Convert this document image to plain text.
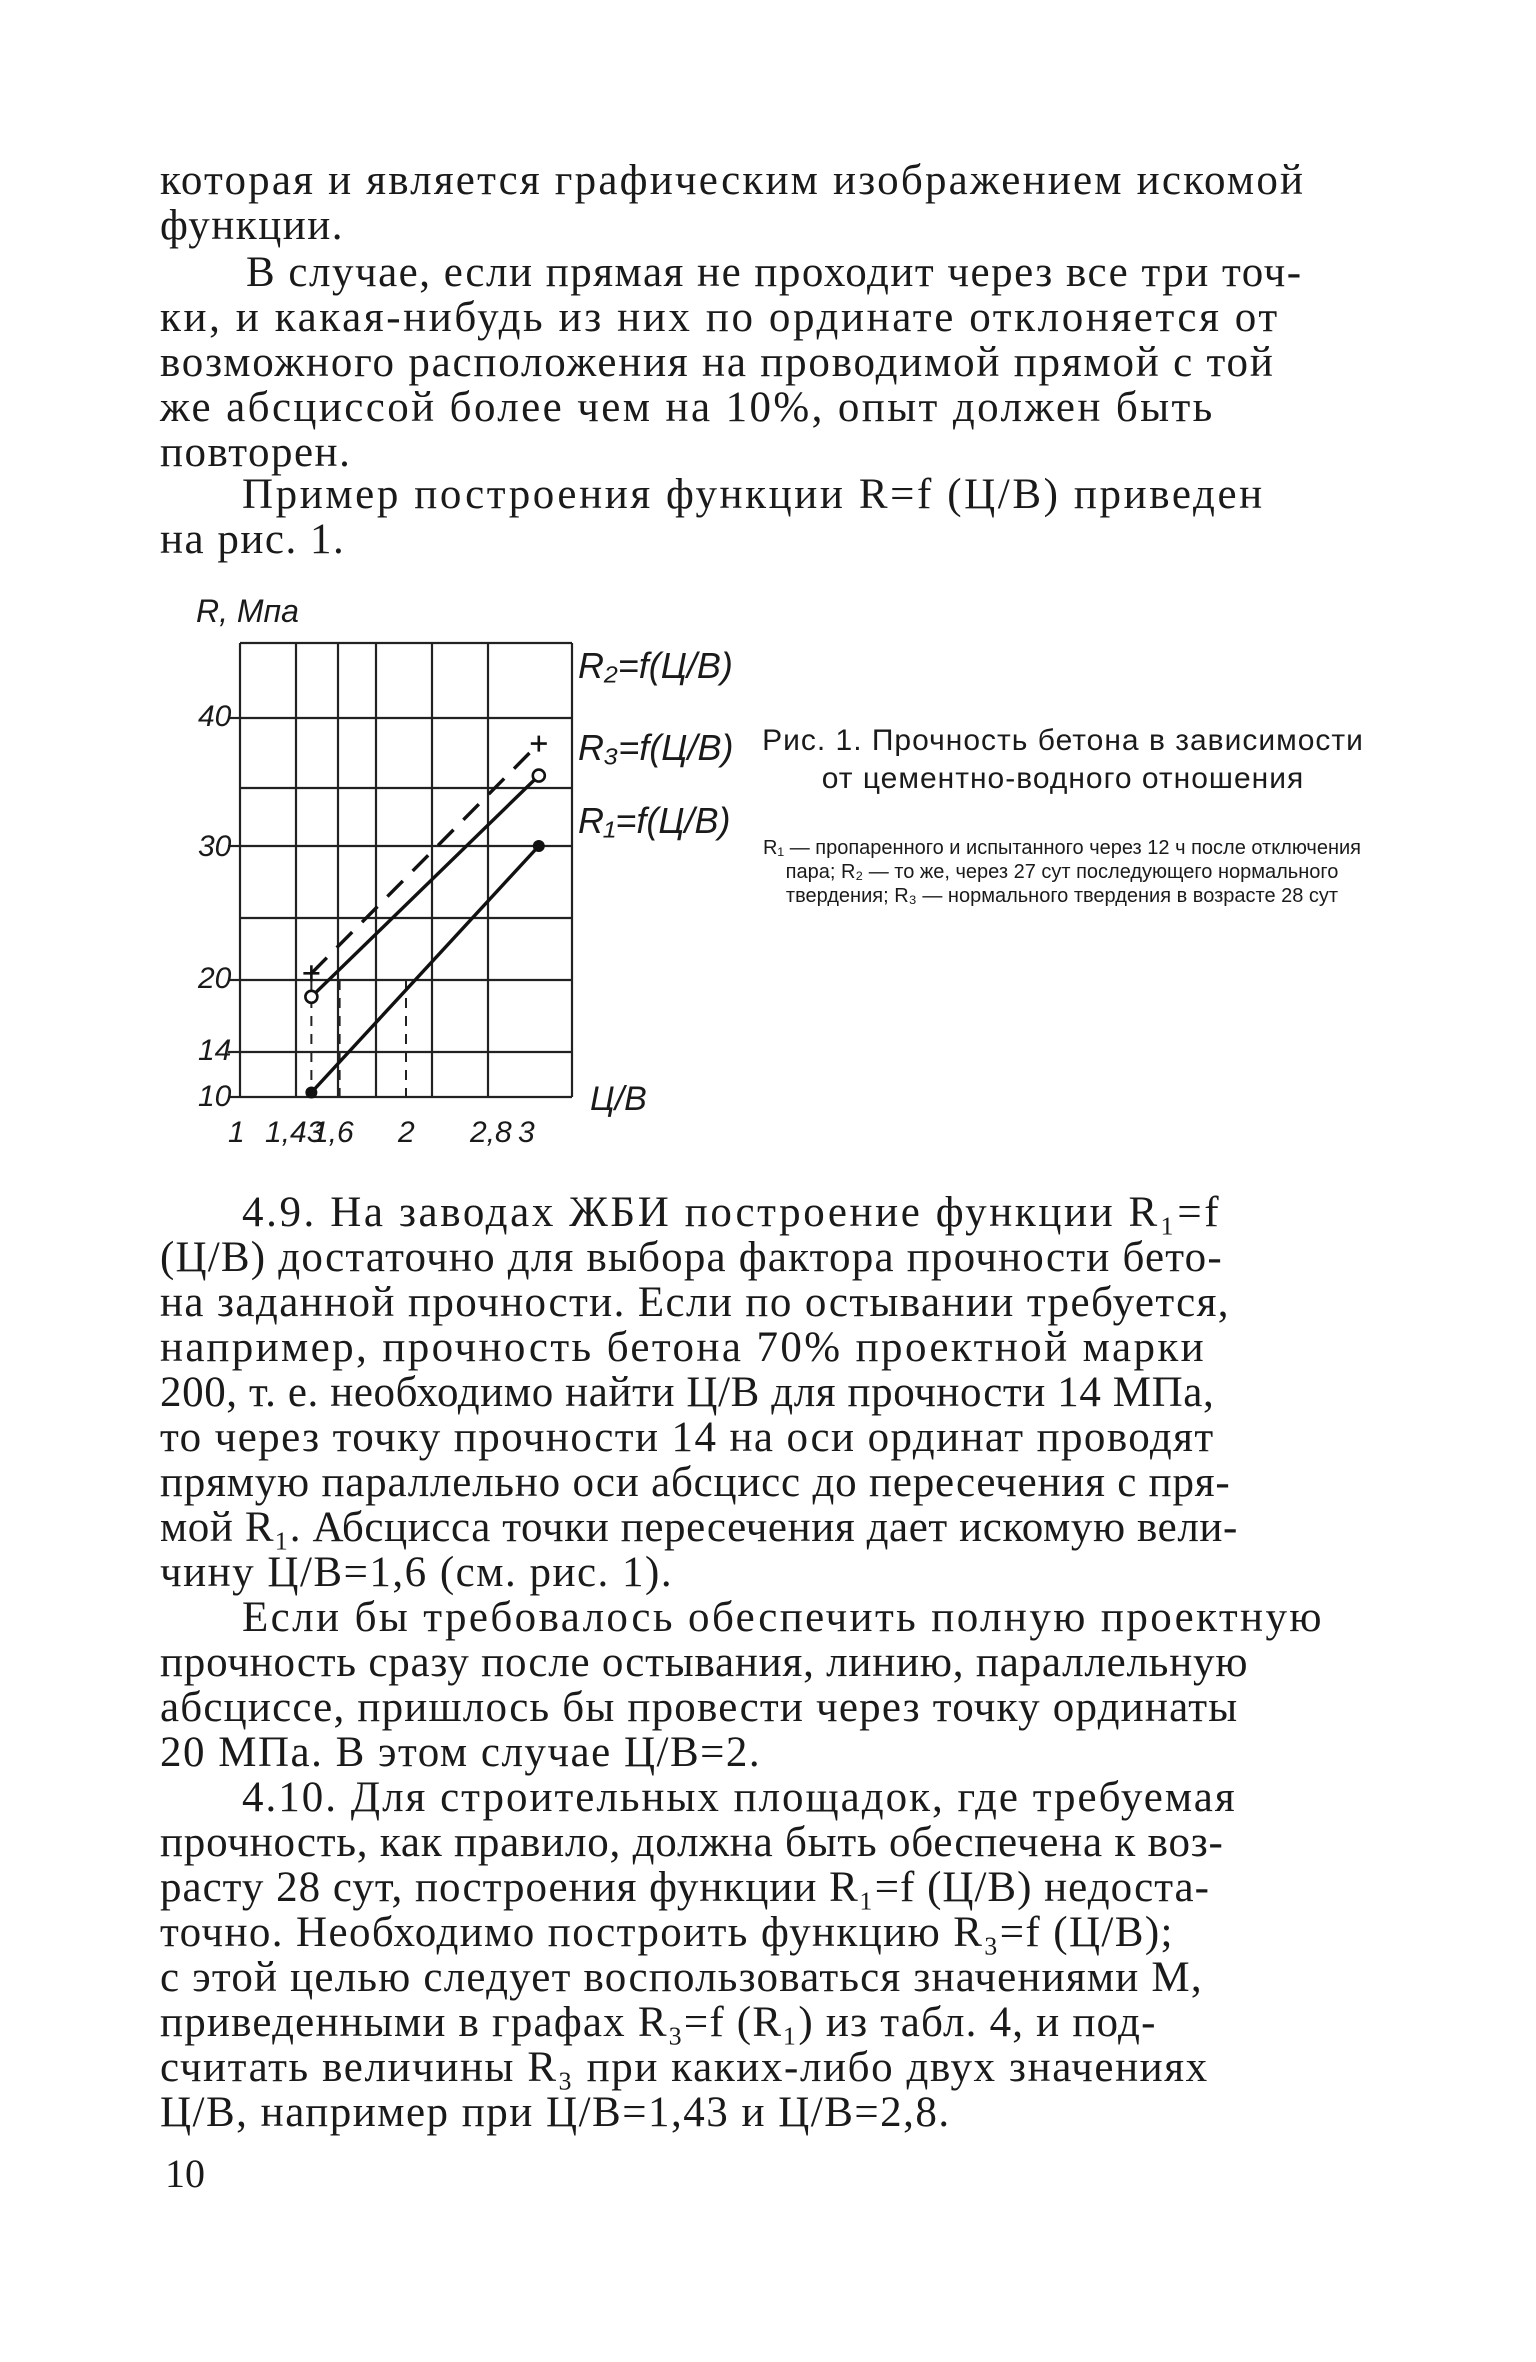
которая и является графическим изображением искомой
функции.
В случае, если прямая не проходит через все три точ-
ки, и какая-нибудь из них по ординате отклоняется от
возможного расположения на проводимой прямой с той
же абсциссой более чем на 10%, опыт должен быть
повторен.
Пример построения функции R=f (Ц/В) приведен
на рис. 1.
R₂=f(Ц/В)
R₃=f(Ц/В)
R₁=f(Ц/В)
R, Мпа
10
14
20
30
40
1 1,43
1,6 2 2,8 3
Ц/В

Рис. 1. Прочность бетона в зависимости от цементно-водного отношения

R₁ — пропаренного и испытанного через 12 ч после отключения пара; R₂ — то же, через 27 сут последующего нормального твердения; R₃ — нормального твердения в возрасте 28 сут

4.9. На заводах ЖБИ построение функции R₁=f
(Ц/В) достаточно для выбора фактора прочности бето-
на заданной прочности. Если по остывании требуется,
например, прочность бетона 70% проектной марки
200, т. е. необходимо найти Ц/В для прочности 14 МПа,
то через точку прочности 14 на оси ординат проводят
прямую параллельно оси абсцисс до пересечения с пря-
мой R₁. Абсцисса точки пересечения дает искомую вели-
чину Ц/В=1,6 (см. рис. 1).
Если бы требовалось обеспечить полную проектную
прочность сразу после остывания, линию, параллельную
абсциссе, пришлось бы провести через точку ординаты
20 МПа. В этом случае Ц/В=2.
4.10. Для строительных площадок, где требуемая
прочность, как правило, должна быть обеспечена к воз-
расту 28 сут, построения функции R₁=f (Ц/В) недоста-
точно. Необходимо построить функцию R₃=f (Ц/В);
с этой целью следует воспользоваться значениями M,
приведенными в графах R₃=f (R₁) из табл. 4, и под-
считать величины R₃ при каких-либо двух значениях
Ц/В, например при Ц/В=1,43 и Ц/В=2,8.

10
